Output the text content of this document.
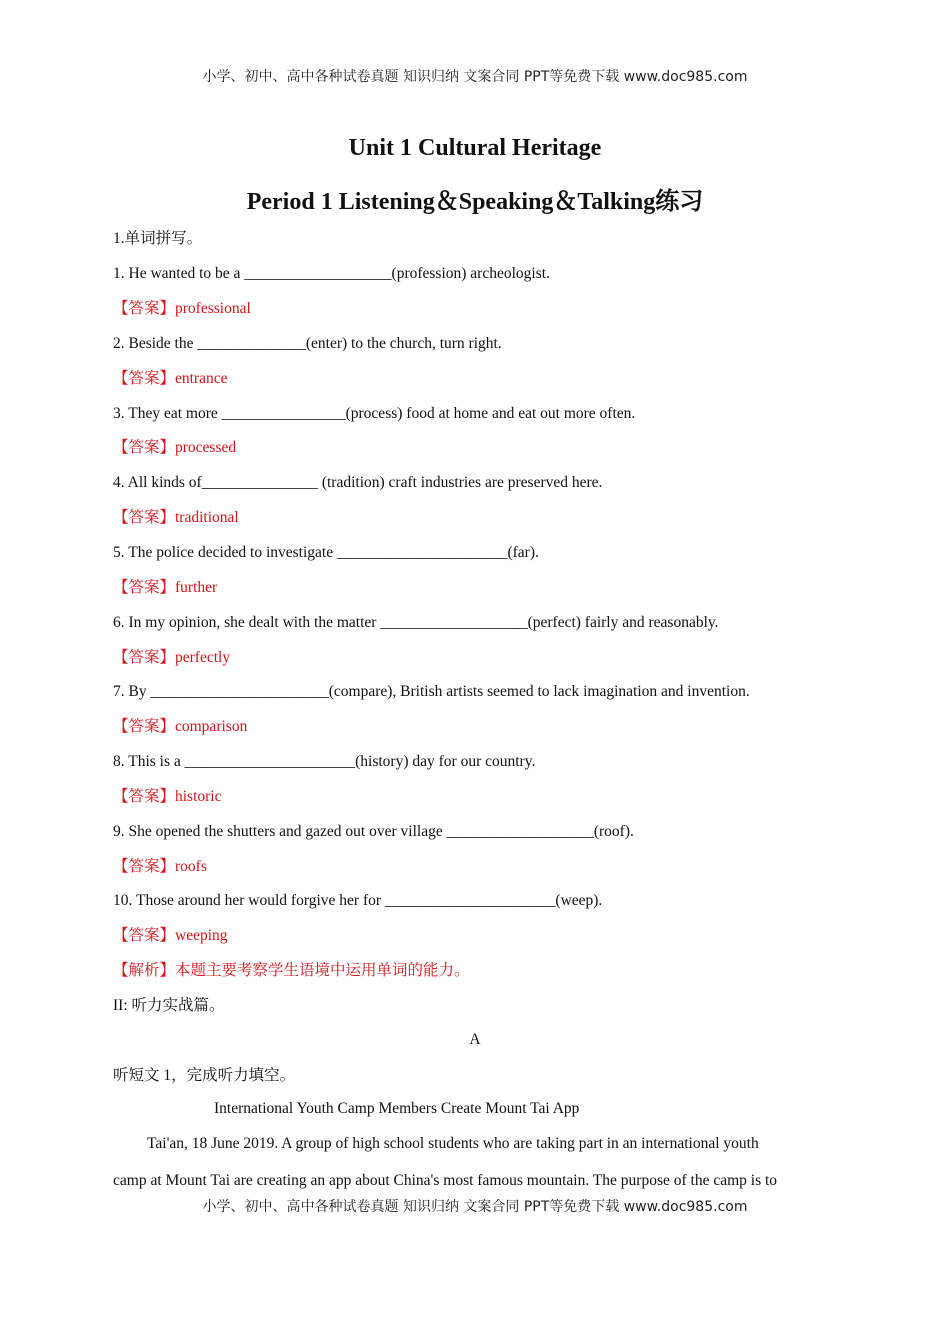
小学、初中、高中各种试卷真题 知识归纳 文案合同 PPT等免费下载 www.doc985.com
Unit 1 Cultural Heritage
Period 1 Listening＆Speaking＆Talking练习
1.单词拼写。
1. He wanted to be a ___________________(profession) archeologist.
【答案】professional
2. Beside the ______________(enter) to the church, turn right.
【答案】entrance
3. They eat more ________________(process) food at home and eat out more often.
【答案】processed
4. All kinds of_______________ (tradition) craft industries are preserved here.
【答案】traditional
5. The police decided to investigate ______________________(far).
【答案】further
6. In my opinion, she dealt with the matter ___________________(perfect) fairly and reasonably.
【答案】perfectly
7. By _______________________(compare), British artists seemed to lack imagination and invention.
【答案】comparison
8. This is a ______________________(history) day for our country.
【答案】historic
9. She opened the shutters and gazed out over village ___________________(roof).
【答案】roofs
10. Those around her would forgive her for ______________________(weep).
【答案】weeping
【解析】本题主要考察学生语境中运用单词的能力。
II: 听力实战篇。
A
听短文 1，完成听力填空。
International Youth Camp Members Create Mount Tai App
Tai'an, 18 June 2019. A group of high school students who are taking part in an international youth
camp at Mount Tai are creating an app about China's most famous mountain. The purpose of the camp is to
小学、初中、高中各种试卷真题 知识归纳 文案合同 PPT等免费下载 www.doc985.com
